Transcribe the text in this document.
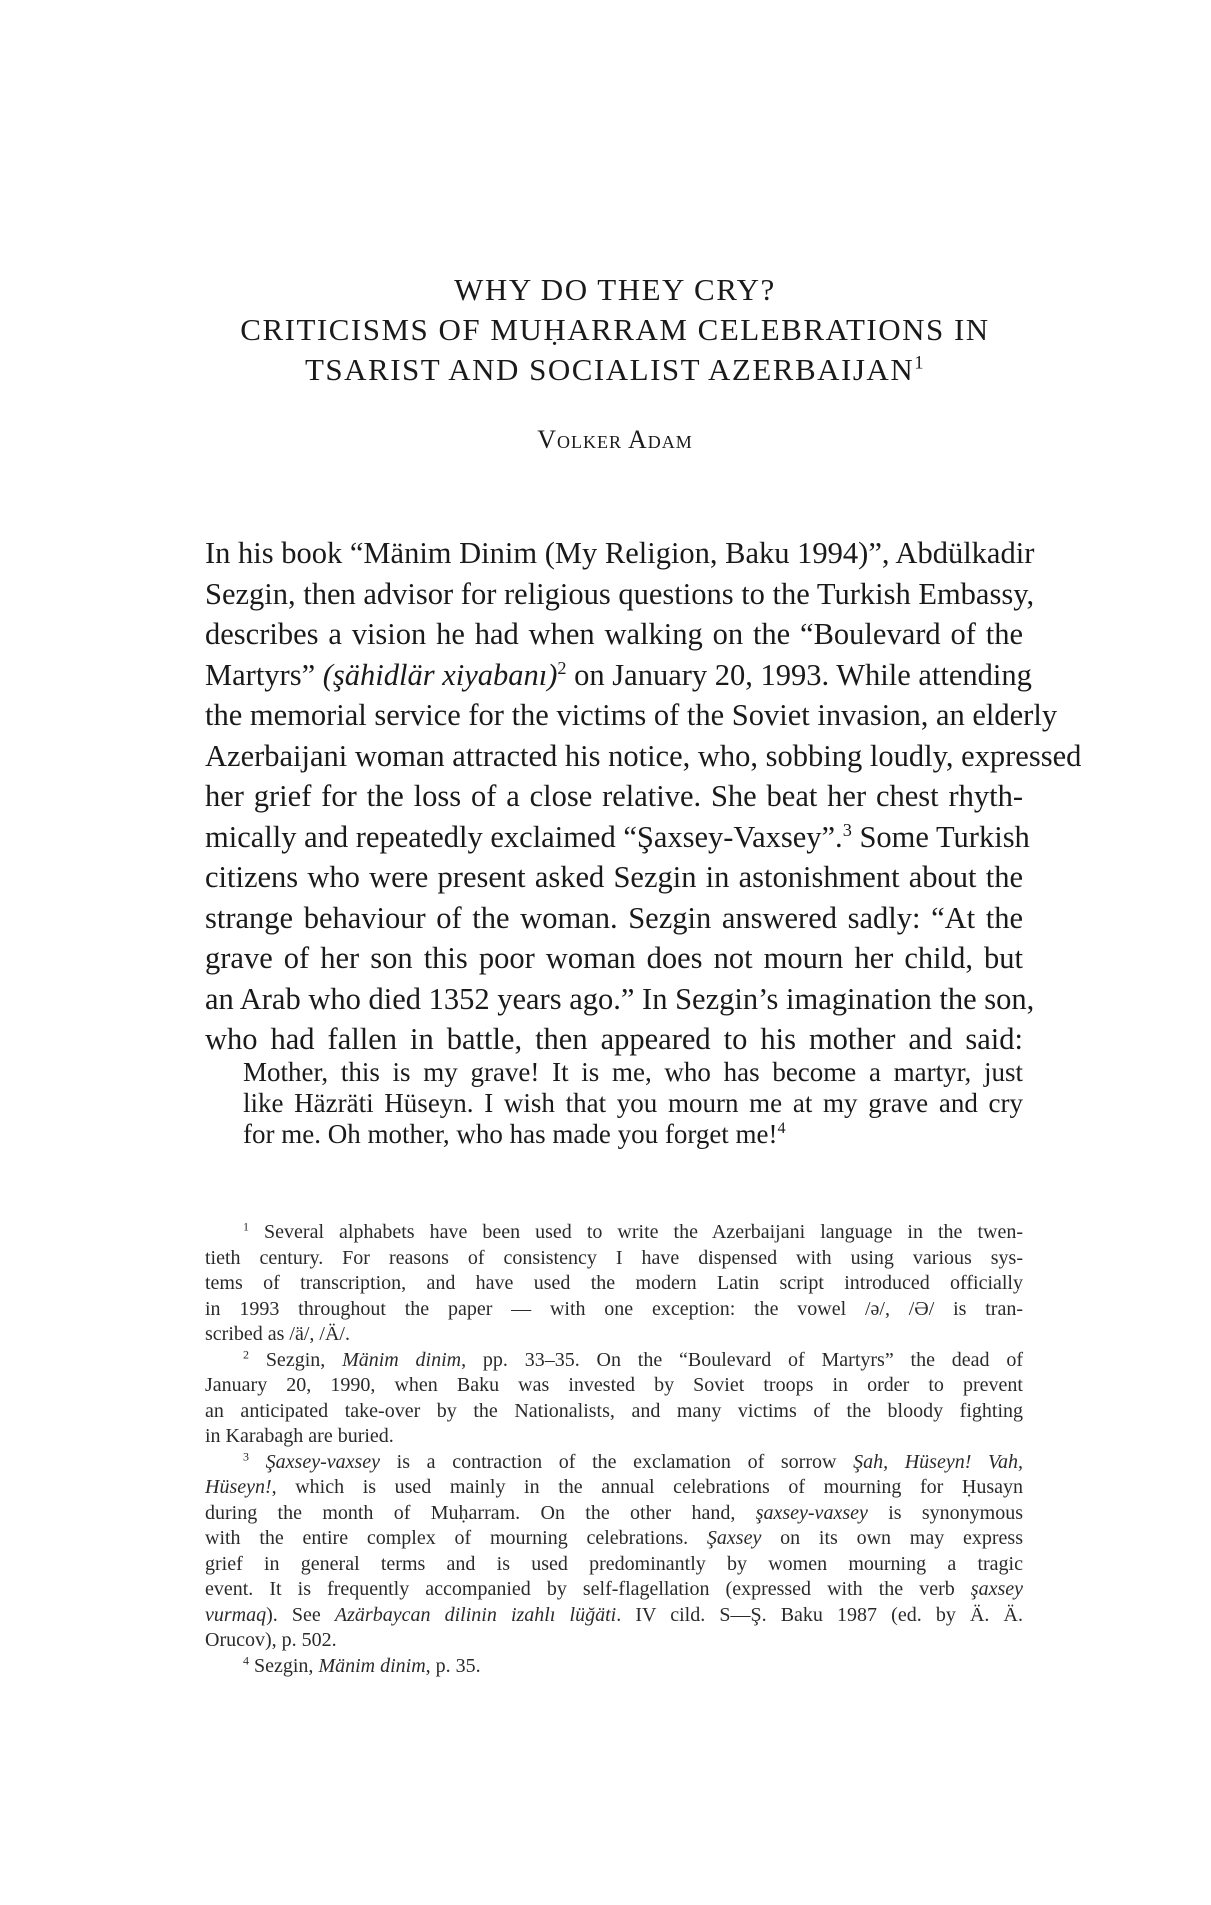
WHY DO THEY CRY?
CRITICISMS OF MUḤARRAM CELEBRATIONS IN
TSARIST AND SOCIALIST AZERBAIJAN$^1$
Volker Adam
In his book “Mänim Dinim (My Religion, Baku 1994)”, Abdülkadir
Sezgin, then advisor for religious questions to the Turkish Embassy,
describes a vision he had when walking on the “Boulevard of the
Martyrs” (şähidlär xiyabanı)$^2$ on January 20, 1993. While attending
the memorial service for the victims of the Soviet invasion, an elderly
Azerbaijani woman attracted his notice, who, sobbing loudly, expressed
her grief for the loss of a close relative. She beat her chest rhyth-
mically and repeatedly exclaimed “Şaxsey-Vaxsey”.$^3$ Some Turkish
citizens who were present asked Sezgin in astonishment about the
strange behaviour of the woman. Sezgin answered sadly: “At the
grave of her son this poor woman does not mourn her child, but
an Arab who died 1352 years ago.” In Sezgin’s imagination the son,
who had fallen in battle, then appeared to his mother and said:
Mother, this is my grave! It is me, who has become a martyr, just
like Häzräti Hüseyn. I wish that you mourn me at my grave and cry
for me. Oh mother, who has made you forget me!$^4$
$^1$ Several alphabets have been used to write the Azerbaijani language in the twen-
tieth century. For reasons of consistency I have dispensed with using various sys-
tems of transcription, and have used the modern Latin script introduced officially
in 1993 throughout the paper — with one exception: the vowel /ə/, /Ə/ is tran-
scribed as /ä/, /Ä/.
$^2$ Sezgin, Mänim dinim, pp. 33–35. On the “Boulevard of Martyrs” the dead of
January 20, 1990, when Baku was invested by Soviet troops in order to prevent
an anticipated take-over by the Nationalists, and many victims of the bloody fighting
in Karabagh are buried.
$^3$ Şaxsey-vaxsey is a contraction of the exclamation of sorrow Şah, Hüseyn! Vah,
Hüseyn!, which is used mainly in the annual celebrations of mourning for Ḥusayn
during the month of Muḥarram. On the other hand, şaxsey-vaxsey is synonymous
with the entire complex of mourning celebrations. Şaxsey on its own may express
grief in general terms and is used predominantly by women mourning a tragic
event. It is frequently accompanied by self-flagellation (expressed with the verb şaxsey
vurmaq). See Azärbaycan dilinin izahlı lüğäti. IV cild. S—Ş. Baku 1987 (ed. by Ä. Ä.
Orucov), p. 502.
$^4$ Sezgin, Mänim dinim, p. 35.
